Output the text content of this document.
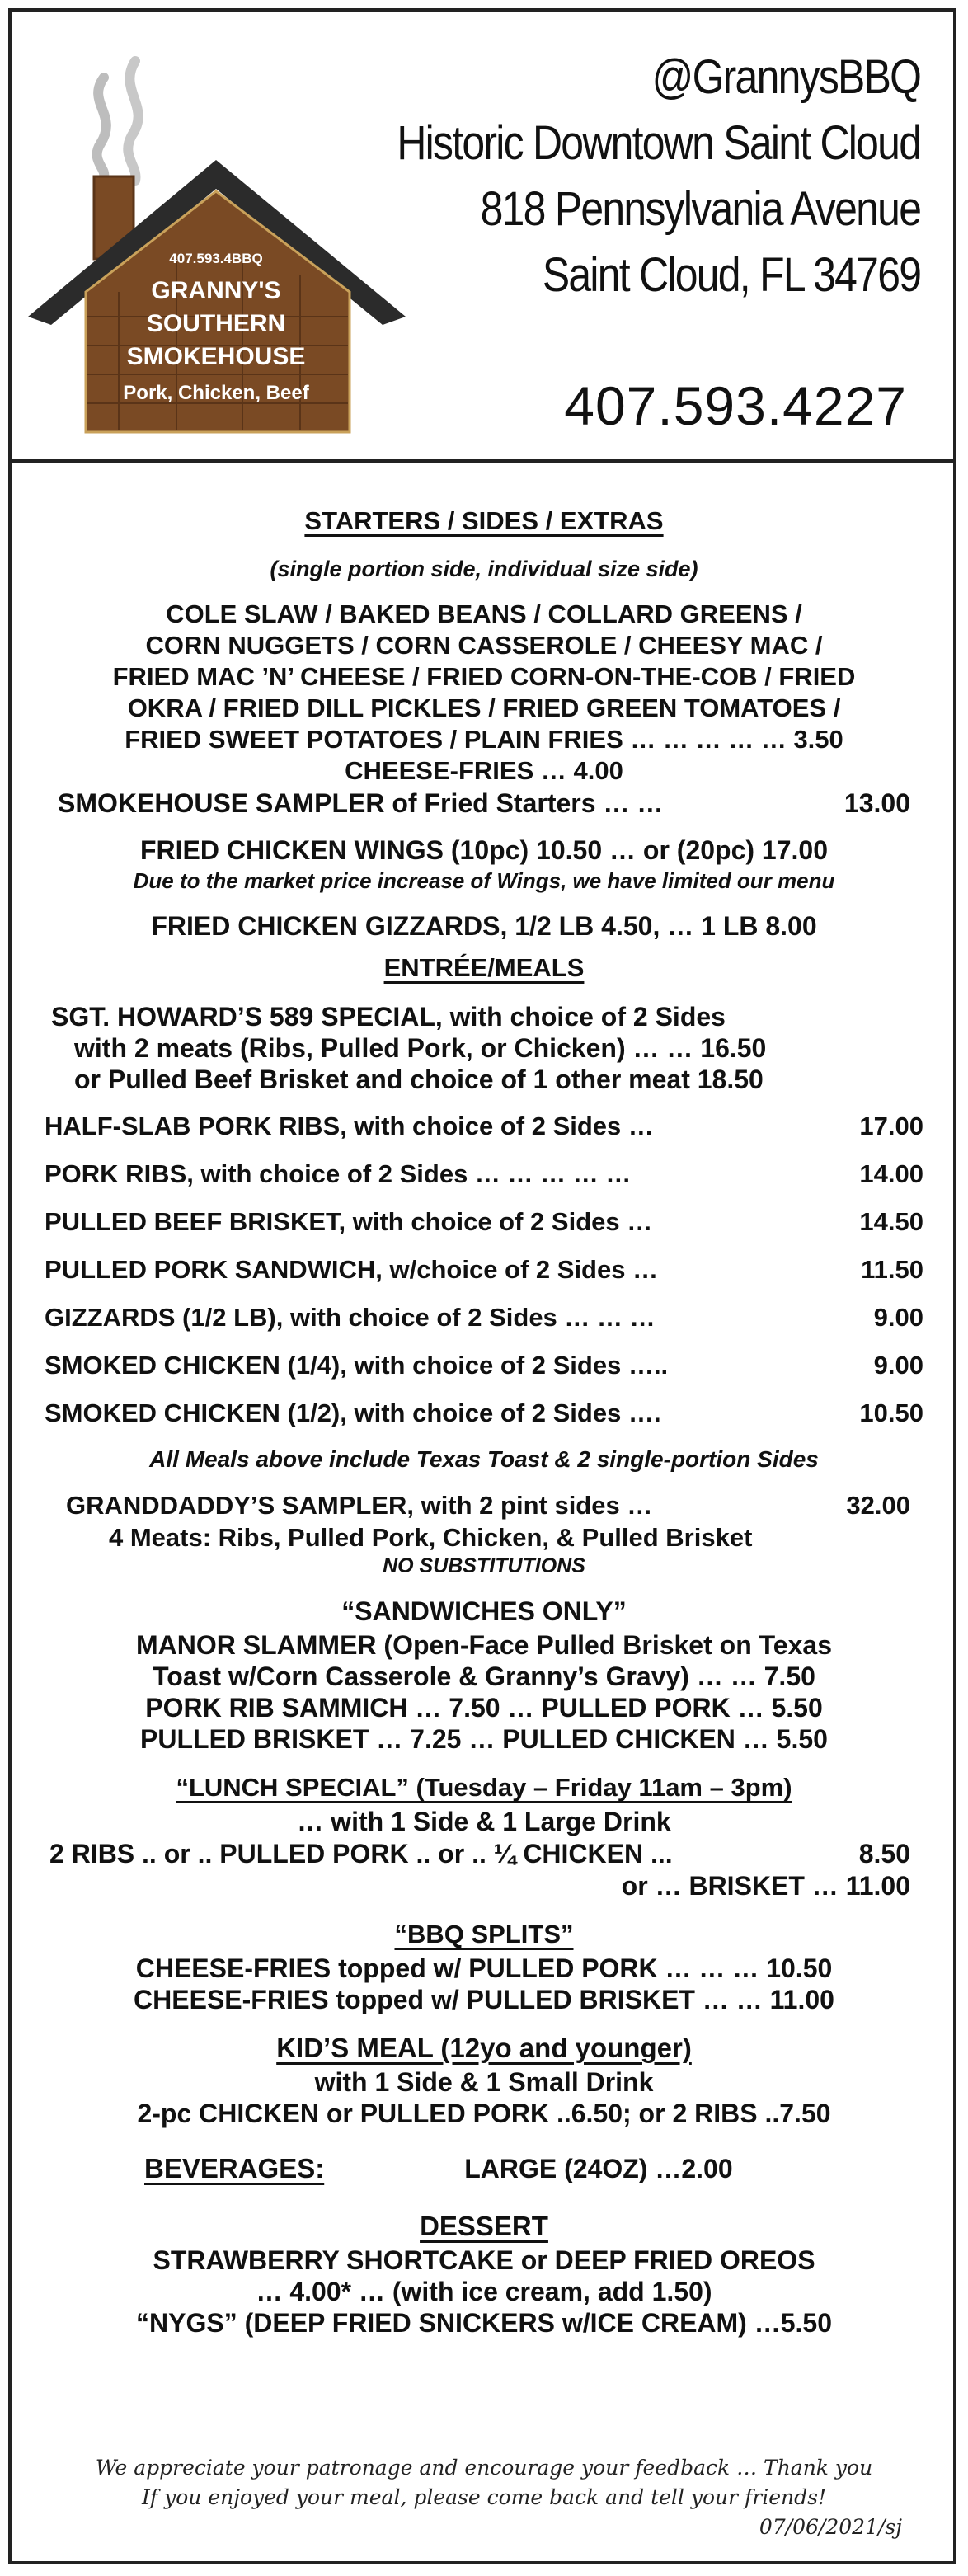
407.593.4BBQ
GRANNY'S
SOUTHERN
SMOKEHOUSE
Pork, Chicken, Beef
@GrannysBBQ
Historic Downtown Saint Cloud
818 Pennsylvania Avenue
Saint Cloud, FL 34769
407.593.4227
STARTERS / SIDES / EXTRAS
(single portion side, individual size side)
COLE SLAW / BAKED BEANS / COLLARD GREENS /
CORN NUGGETS / CORN CASSEROLE / CHEESY MAC /
FRIED MAC ’N’ CHEESE / FRIED CORN-ON-THE-COB / FRIED
OKRA / FRIED DILL PICKLES / FRIED GREEN TOMATOES /
FRIED SWEET POTATOES / PLAIN FRIES … … … … … 3.50
CHEESE-FRIES … 4.00
SMOKEHOUSE SAMPLER of Fried Starters … …	13.00
FRIED CHICKEN WINGS (10pc) 10.50 … or (20pc) 17.00
Due to the market price increase of Wings, we have limited our menu
FRIED CHICKEN GIZZARDS, 1/2 LB 4.50, … 1 LB 8.00
ENTRÉE/MEALS
SGT. HOWARD’S 589 SPECIAL, with choice of 2 Sides
with 2 meats (Ribs, Pulled Pork, or Chicken) … … 16.50
or Pulled Beef Brisket and choice of 1 other meat 18.50
HALF-SLAB PORK RIBS, with choice of 2 Sides …	17.00
PORK RIBS, with choice of 2 Sides … … … … …	14.00
PULLED BEEF BRISKET, with choice of 2 Sides …	14.50
PULLED PORK SANDWICH, w/choice of 2 Sides …	11.50
GIZZARDS (1/2 LB), with choice of 2 Sides … … …	9.00
SMOKED CHICKEN (1/4), with choice of 2 Sides …..	9.00
SMOKED CHICKEN (1/2), with choice of 2 Sides ….	10.50
All Meals above include Texas Toast & 2 single-portion Sides
GRANDDADDY’S SAMPLER, with 2 pint sides …	32.00
4 Meats: Ribs, Pulled Pork, Chicken, & Pulled Brisket
NO SUBSTITUTIONS
“SANDWICHES ONLY”
MANOR SLAMMER (Open-Face Pulled Brisket on Texas
Toast w/Corn Casserole & Granny’s Gravy) … … 7.50
PORK RIB SAMMICH … 7.50 … PULLED PORK … 5.50
PULLED BRISKET … 7.25 … PULLED CHICKEN … 5.50
“LUNCH SPECIAL” (Tuesday – Friday 11am – 3pm)
… with 1 Side & 1 Large Drink
2 RIBS .. or .. PULLED PORK .. or .. ¼ CHICKEN ...	8.50
or … BRISKET … 11.00
“BBQ SPLITS”
CHEESE-FRIES topped w/ PULLED PORK … … … 10.50
CHEESE-FRIES topped w/ PULLED BRISKET … … 11.00
KID’S MEAL (12yo and younger)
with 1 Side & 1 Small Drink
2-pc CHICKEN or PULLED PORK ..6.50; or 2 RIBS ..7.50
BEVERAGES:	LARGE (24OZ) …2.00
DESSERT
STRAWBERRY SHORTCAKE or DEEP FRIED OREOS
… 4.00* … (with ice cream, add 1.50)
“NYGS” (DEEP FRIED SNICKERS w/ICE CREAM) …5.50
We appreciate your patronage and encourage your feedback … Thank you
If you enjoyed your meal, please come back and tell your friends!
07/06/2021/sj
